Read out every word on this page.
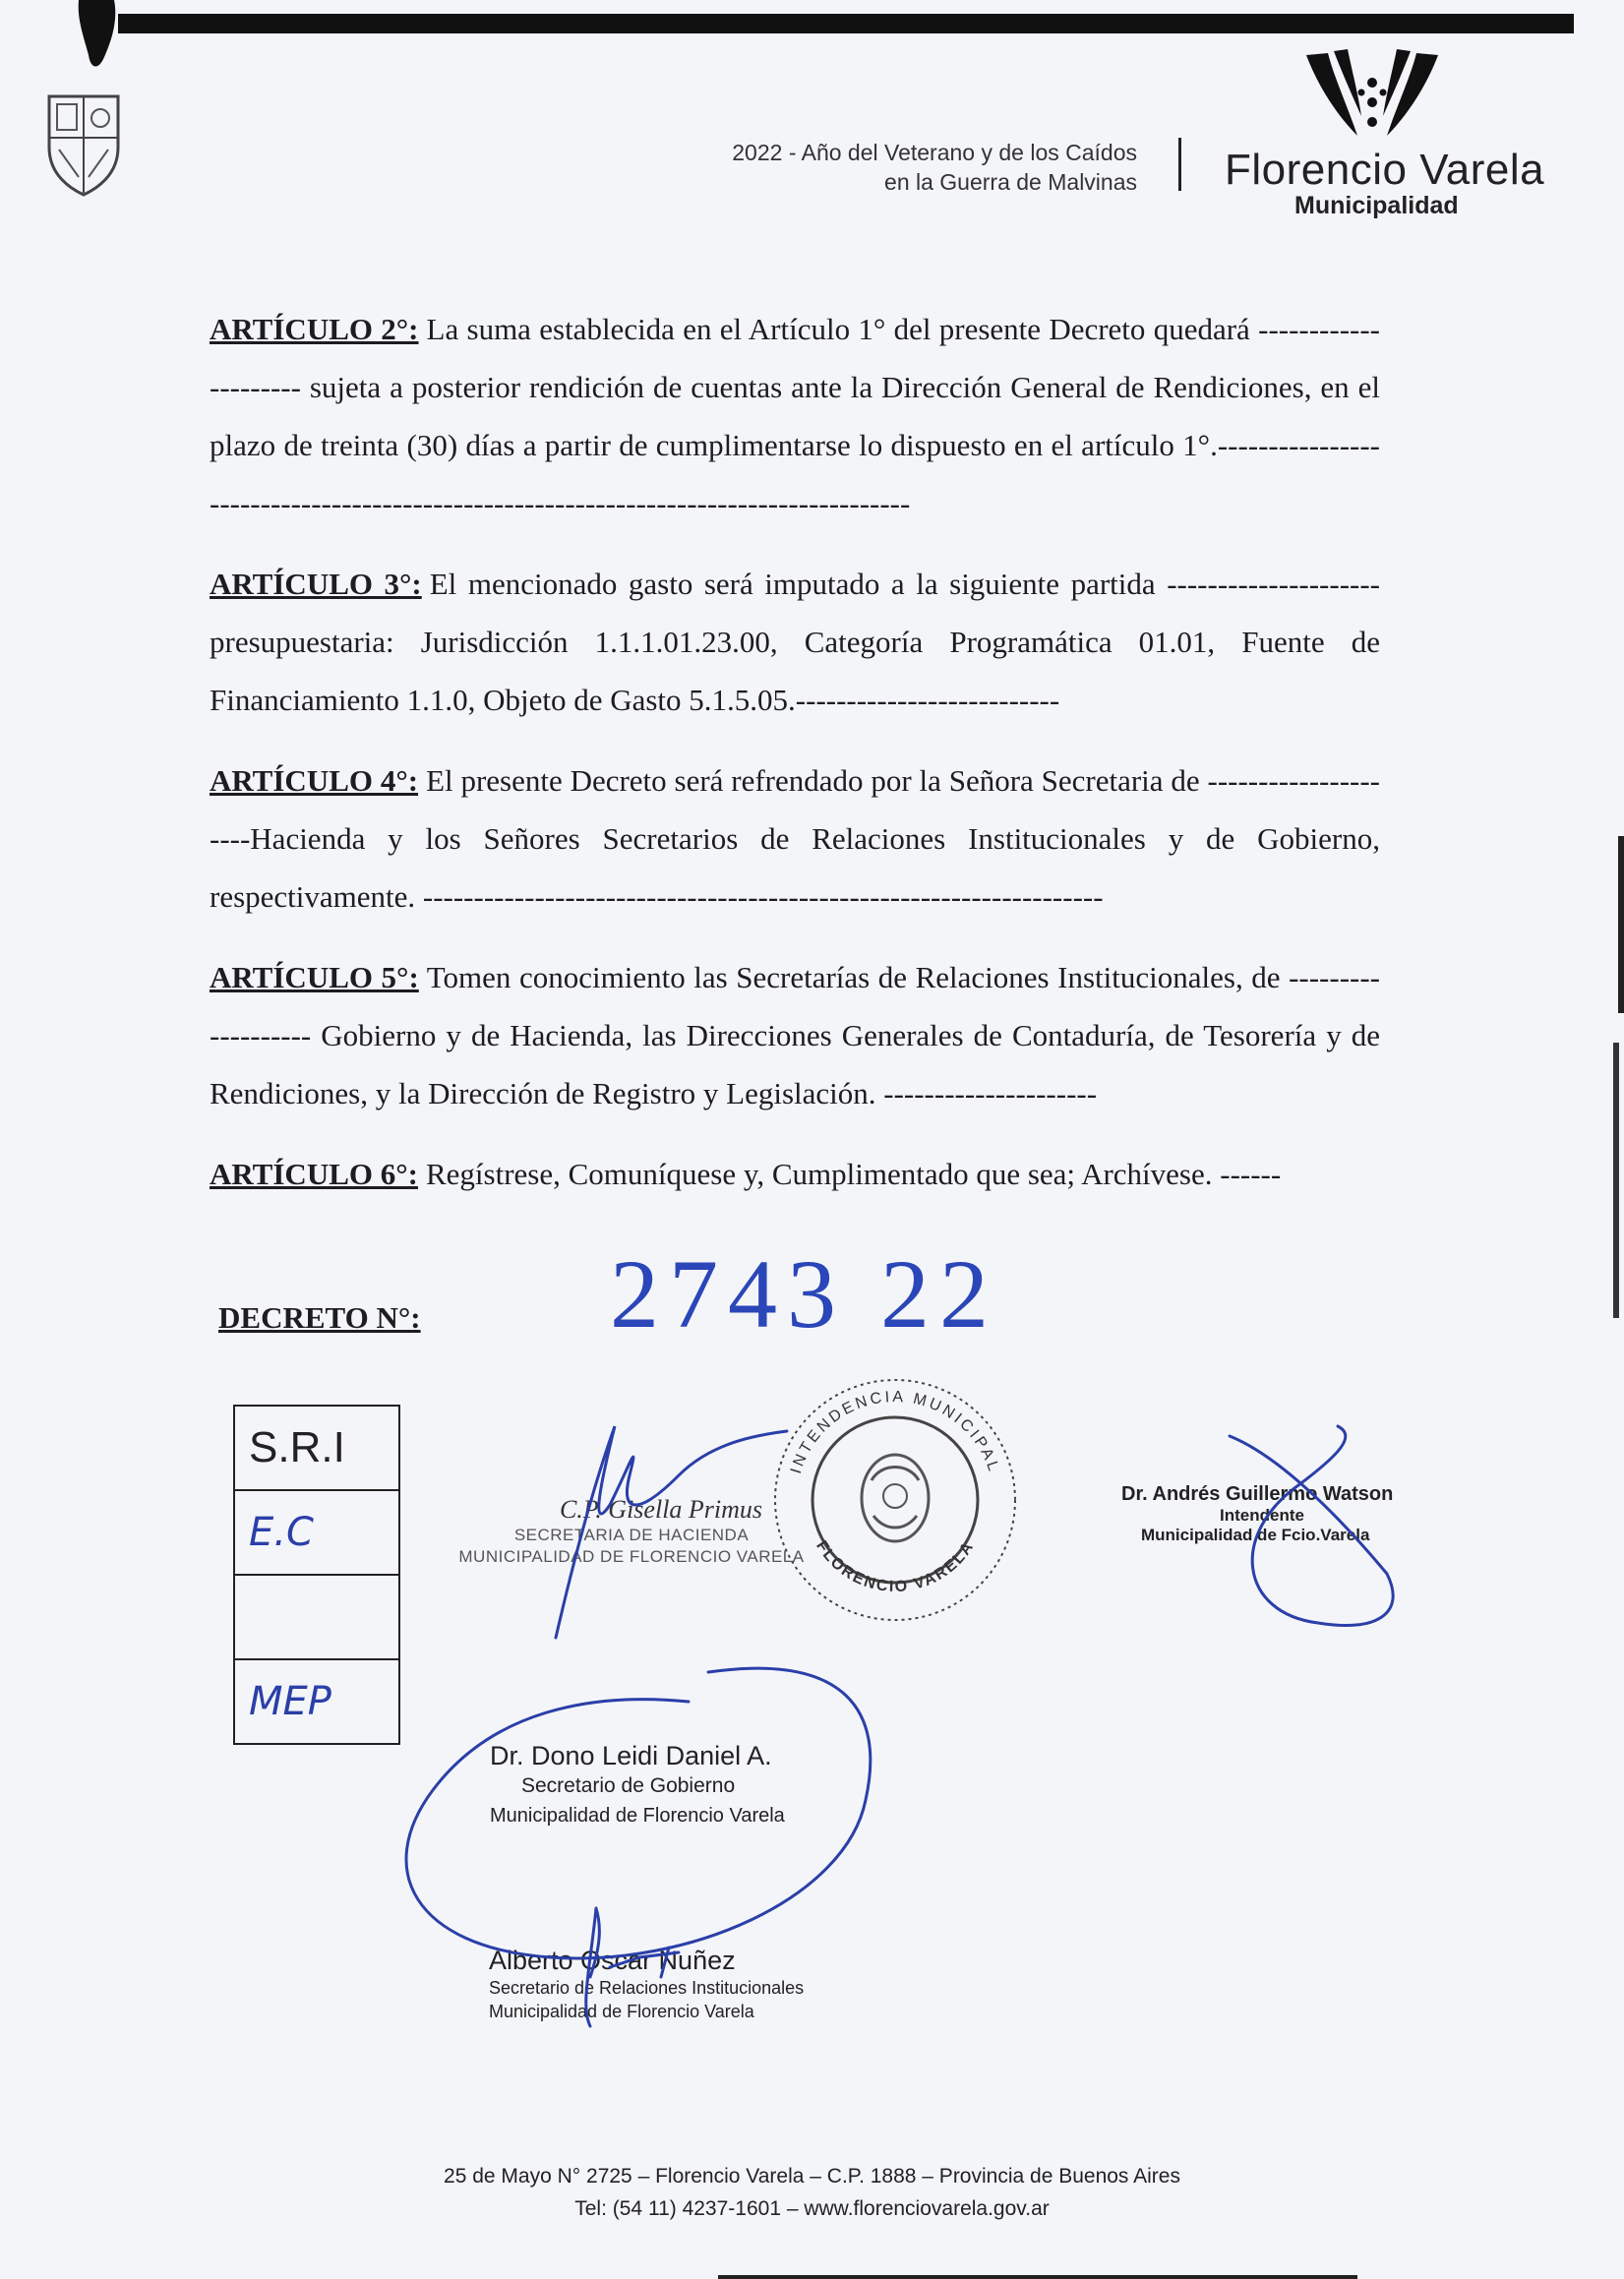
2022 - Año del Veterano y de los Caídos
en la Guerra de Malvinas Florencio Varela
Municipalidad

ARTÍCULO 2°: La suma establecida en el Artículo 1° del presente Decreto quedará --------------------- sujeta a posterior rendición de cuentas ante la Dirección General de Rendiciones, en el plazo de treinta (30) días a partir de cumplimentarse lo dispuesto en el artículo 1°.-------------------------------------------------------------------------------------

ARTÍCULO 3°: El mencionado gasto será imputado a la siguiente partida ---------------------presupuestaria: Jurisdicción 1.1.1.01.23.00, Categoría Programática 01.01, Fuente de Financiamiento 1.1.0, Objeto de Gasto 5.1.5.05.--------------------------

ARTÍCULO 4°: El presente Decreto será refrendado por la Señora Secretaria de ---------------------Hacienda y los Señores Secretarios de Relaciones Institucionales y de Gobierno, respectivamente. -------------------------------------------------------------------

ARTÍCULO 5°: Tomen conocimiento las Secretarías de Relaciones Institucionales, de ------------------- Gobierno y de Hacienda, las Direcciones Generales de Contaduría, de Tesorería y de Rendiciones, y la Dirección de Registro y Legislación. ---------------------

ARTÍCULO 6°: Regístrese, Comuníquese y, Cumplimentado que sea; Archívese. ------

DECRETO N°: 2743 22
S.R.I
E.C

MEP
C.P. Gisella Primus
SECRETARIA DE HACIENDA
MUNICIPALIDAD DE FLORENCIO VARELA
INTENDENCIA MUNICIPAL
FLORENCIO VARELA
Dr. Andrés Guillermo Watson
Intendente
Municipalidad de Fcio.Varela
Dr. Dono Leidi Daniel A.
Secretario de Gobierno
Municipalidad de Florencio Varela
Alberto Oscar Nuñez
Secretario de Relaciones Institucionales
Municipalidad de Florencio Varela
25 de Mayo N° 2725 – Florencio Varela – C.P. 1888 – Provincia de Buenos Aires
Tel: (54 11) 4237-1601 – www.florenciovarela.gov.ar
